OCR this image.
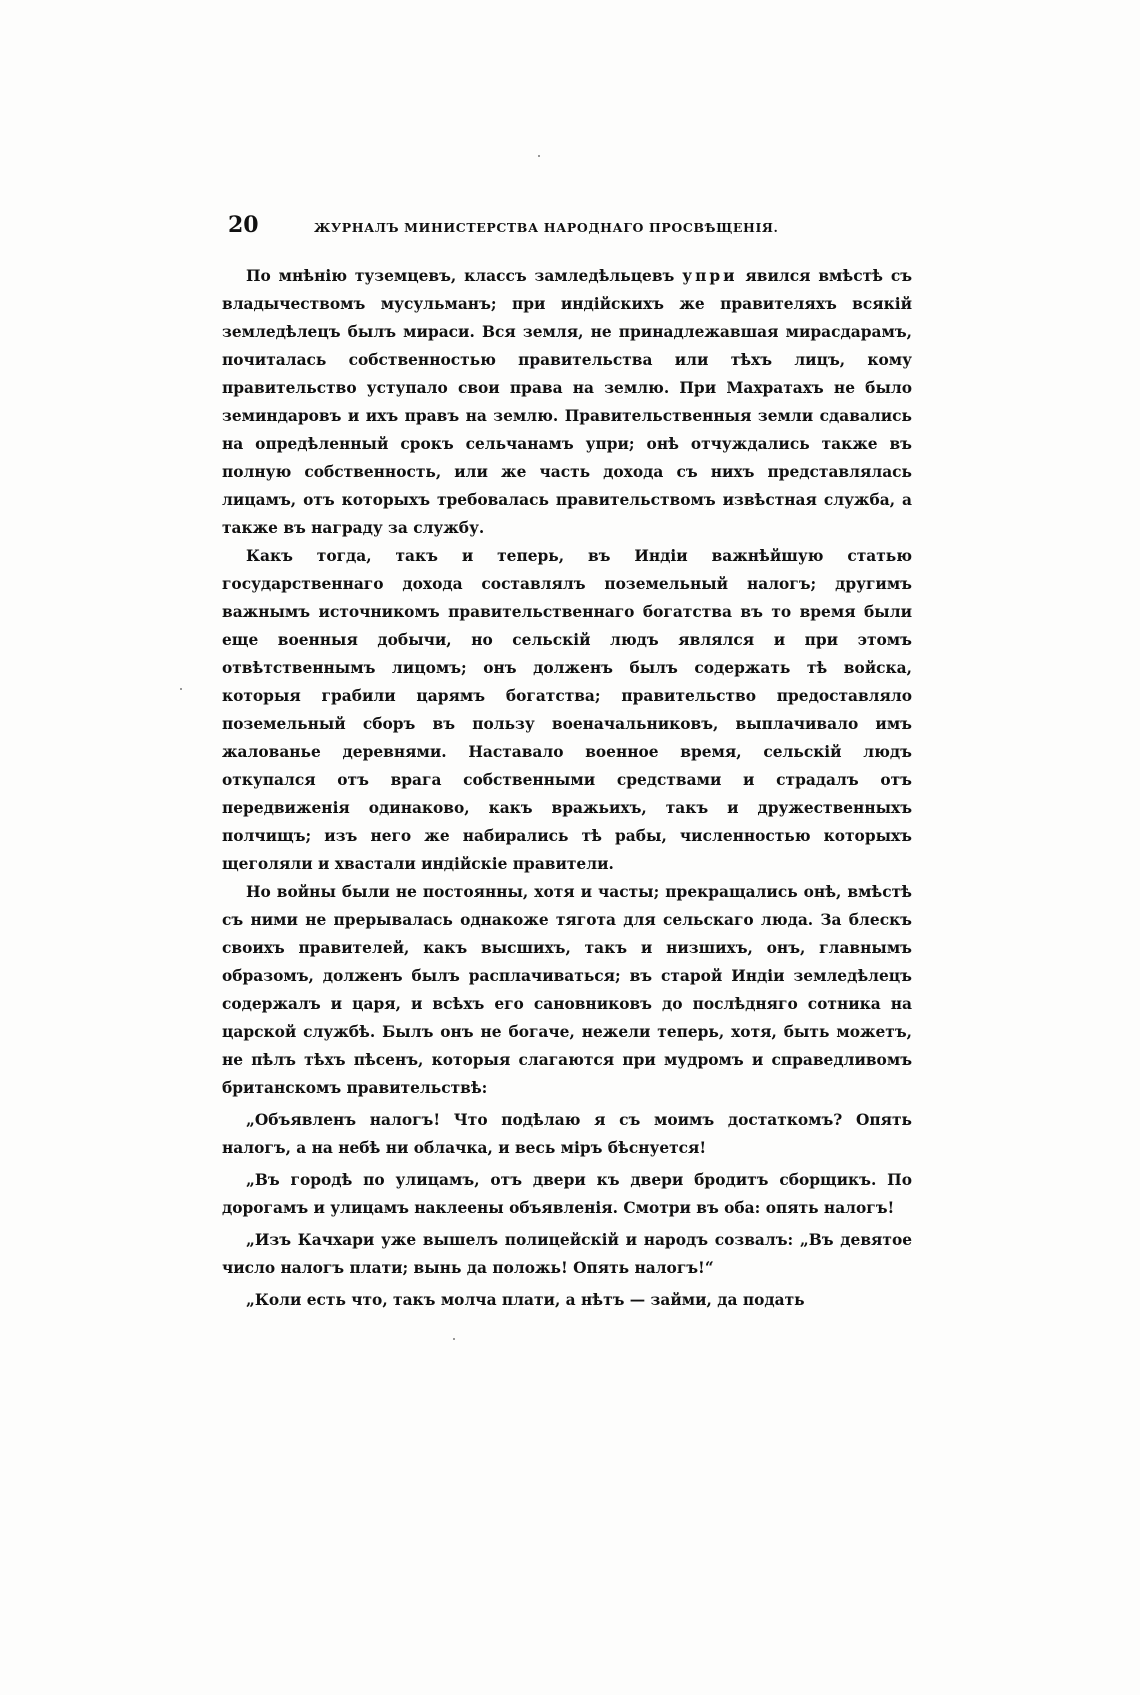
20	ЖУРНАЛЪ МИНИСТЕРСТВА НАРОДНАГО ПРОСВѢЩЕНІЯ.

По мнѣнію туземцевъ, классъ замледѣльцевъ упри явился вмѣстѣ съ владычествомъ мусульманъ; при индійскихъ же правителяхъ всякій земледѣлецъ былъ мираси. Вся земля, не принадлежавшая мирасдарамъ, почиталась собственностью правительства или тѣхъ лицъ, кому правительство уступало свои права на землю. При Махратахъ не было земиндаровъ и ихъ правъ на землю. Правительственныя земли сдавались на опредѣленный срокъ сельчанамъ упри; онѣ отчуждались также въ полную собственность, или же часть дохода съ нихъ представлялась лицамъ, отъ которыхъ требовалась правительствомъ извѣстная служба, а также въ награду за службу.

Какъ тогда, такъ и теперь, въ Индіи важнѣйшую статью государственнаго дохода составлялъ поземельный налогъ; другимъ важнымъ источникомъ правительственнаго богатства въ то время были еще военныя добычи, но сельскій людъ являлся и при этомъ отвѣтственнымъ лицомъ; онъ долженъ былъ содержать тѣ войска, которыя грабили царямъ богатства; правительство предоставляло поземельный сборъ въ пользу военачальниковъ, выплачивало имъ жалованье деревнями. Наставало военное время, сельскій людъ откупался отъ врага собственными средствами и страдалъ отъ передвиженія одинаково, какъ вражьихъ, такъ и дружественныхъ полчищъ; изъ него же набирались тѣ рабы, численностью которыхъ щеголяли и хвастали индійскіе правители.

Но войны были не постоянны, хотя и часты; прекращались онѣ, вмѣстѣ съ ними не прерывалась однакоже тягота для сельскаго люда. За блескъ своихъ правителей, какъ высшихъ, такъ и низшихъ, онъ, главнымъ образомъ, долженъ былъ расплачиваться; въ старой Индіи земледѣлецъ содержалъ и царя, и всѣхъ его сановниковъ до послѣдняго сотника на царской службѣ. Былъ онъ не богаче, нежели теперь, хотя, быть можетъ, не пѣлъ тѣхъ пѣсенъ, которыя слагаются при мудромъ и справедливомъ британскомъ правительствѣ:

„Объявленъ налогъ! Что подѣлаю я съ моимъ достаткомъ? Опять налогъ, а на небѣ ни облачка, и весь міръ бѣснуется!

„Въ городѣ по улицамъ, отъ двери къ двери бродитъ сборщикъ. По дорогамъ и улицамъ наклеены объявленія. Смотри въ оба: опять налогъ!

„Изъ Качхари уже вышелъ полицейскій и народъ созвалъ: „Въ девятое число налогъ плати; вынь да положь! Опять налогъ!“

„Коли есть что, такъ молча плати, а нѣтъ — займи, да подать
